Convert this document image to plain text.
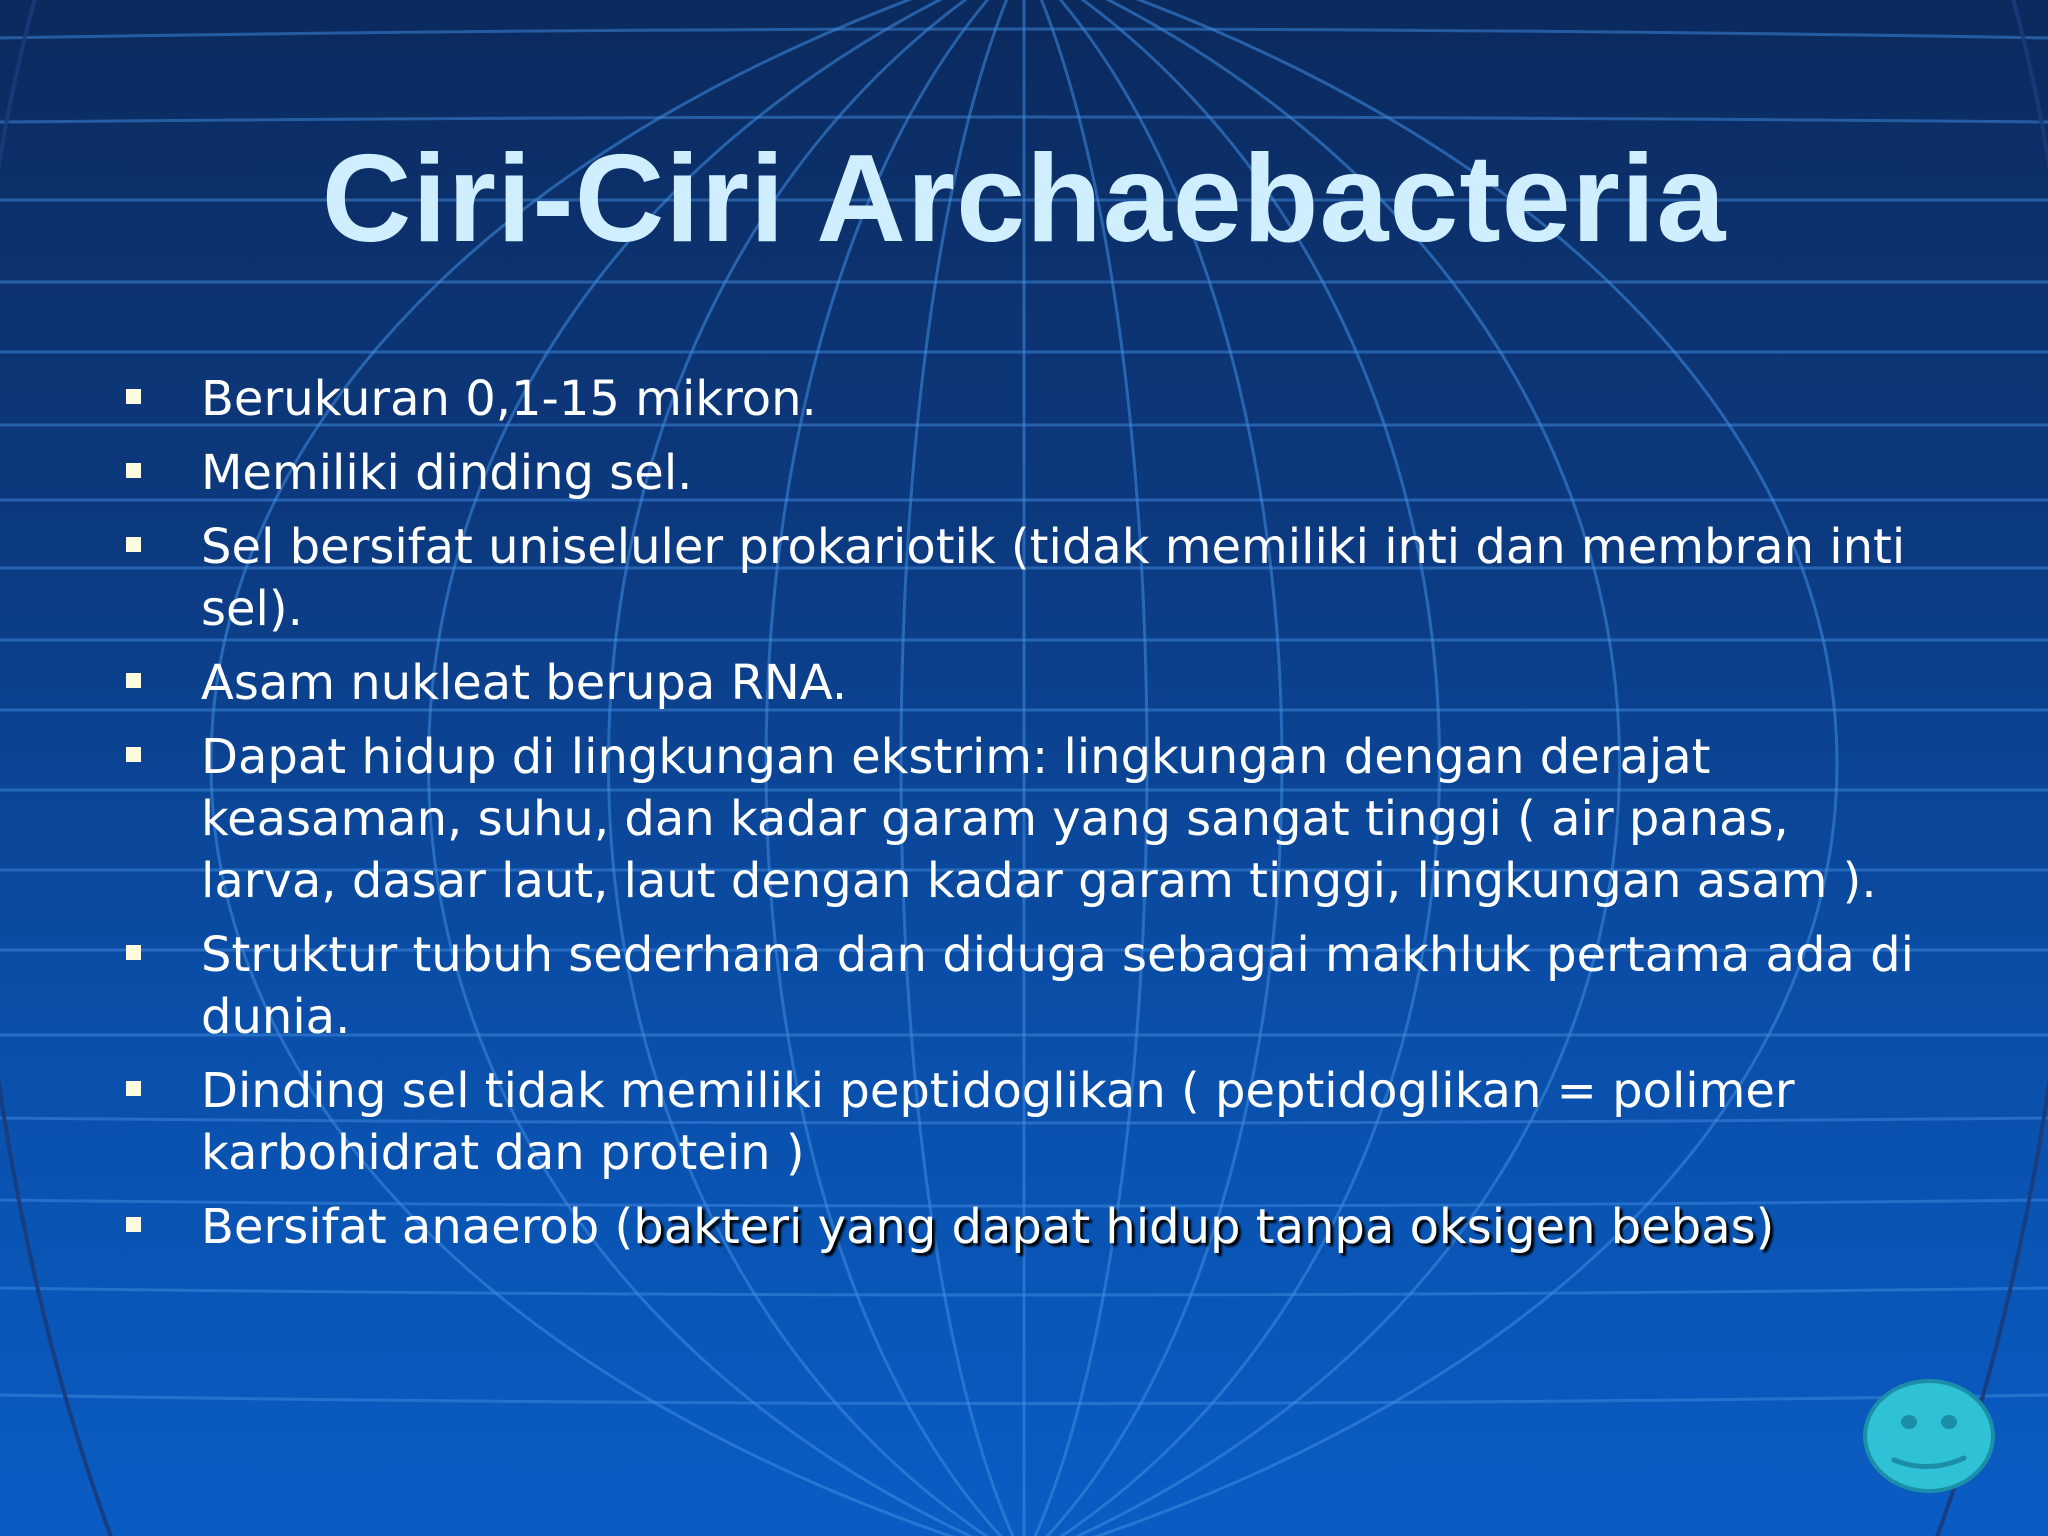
Ciri-Ciri Archaebacteria
Berukuran 0,1-15 mikron.
Memiliki dinding sel.
Sel bersifat uniseluler prokariotik (tidak memiliki inti dan membran inti sel).
Asam nukleat berupa RNA.
Dapat hidup di lingkungan ekstrim: lingkungan dengan derajat keasaman, suhu, dan kadar garam yang sangat tinggi ( air panas, larva, dasar laut, laut dengan kadar garam tinggi, lingkungan asam ).
Struktur tubuh sederhana dan diduga sebagai makhluk pertama ada di dunia.
Dinding sel tidak memiliki peptidoglikan ( peptidoglikan = polimer karbohidrat dan protein )
Bersifat anaerob (bakteri yang dapat hidup tanpa oksigen bebas)
